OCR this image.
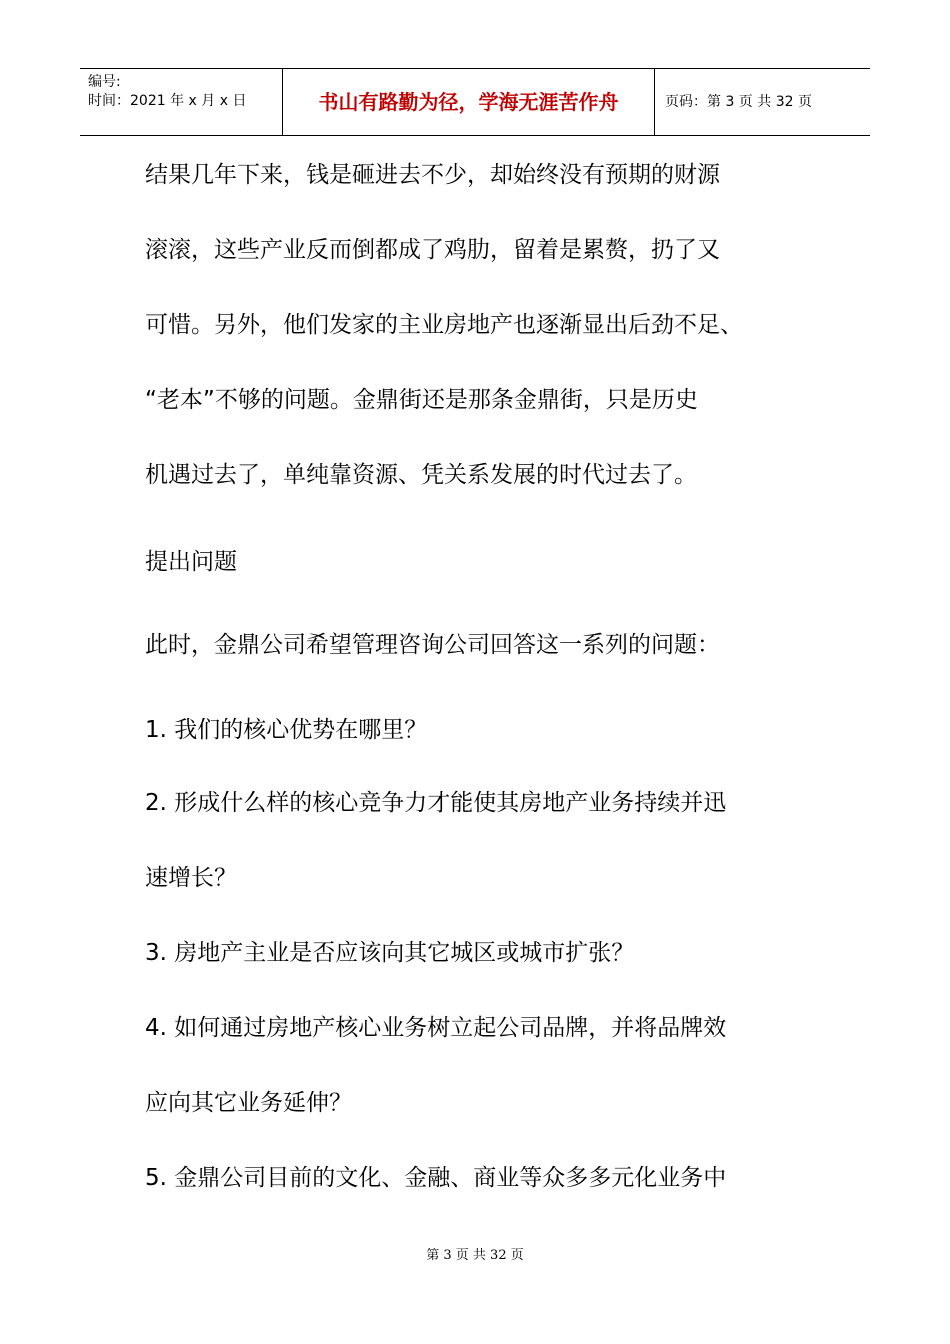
编号:
时间：2021 年 x 月 x 日	书山有路勤为径，学海无涯苦作舟	页码：第 3 页 共 32 页
结果几年下来，钱是砸进去不少，却始终没有预期的财源
滚滚，这些产业反而倒都成了鸡肋，留着是累赘，扔了又
可惜。另外，他们发家的主业房地产也逐渐显出后劲不足、
“老本”不够的问题。金鼎街还是那条金鼎街，只是历史
机遇过去了，单纯靠资源、凭关系发展的时代过去了。
提出问题
此时，金鼎公司希望管理咨询公司回答这一系列的问题：
1. 我们的核心优势在哪里？
2. 形成什么样的核心竞争力才能使其房地产业务持续并迅
速增长？
3. 房地产主业是否应该向其它城区或城市扩张？
4. 如何通过房地产核心业务树立起公司品牌，并将品牌效
应向其它业务延伸？
5. 金鼎公司目前的文化、金融、商业等众多多元化业务中
第 3 页 共 32 页
